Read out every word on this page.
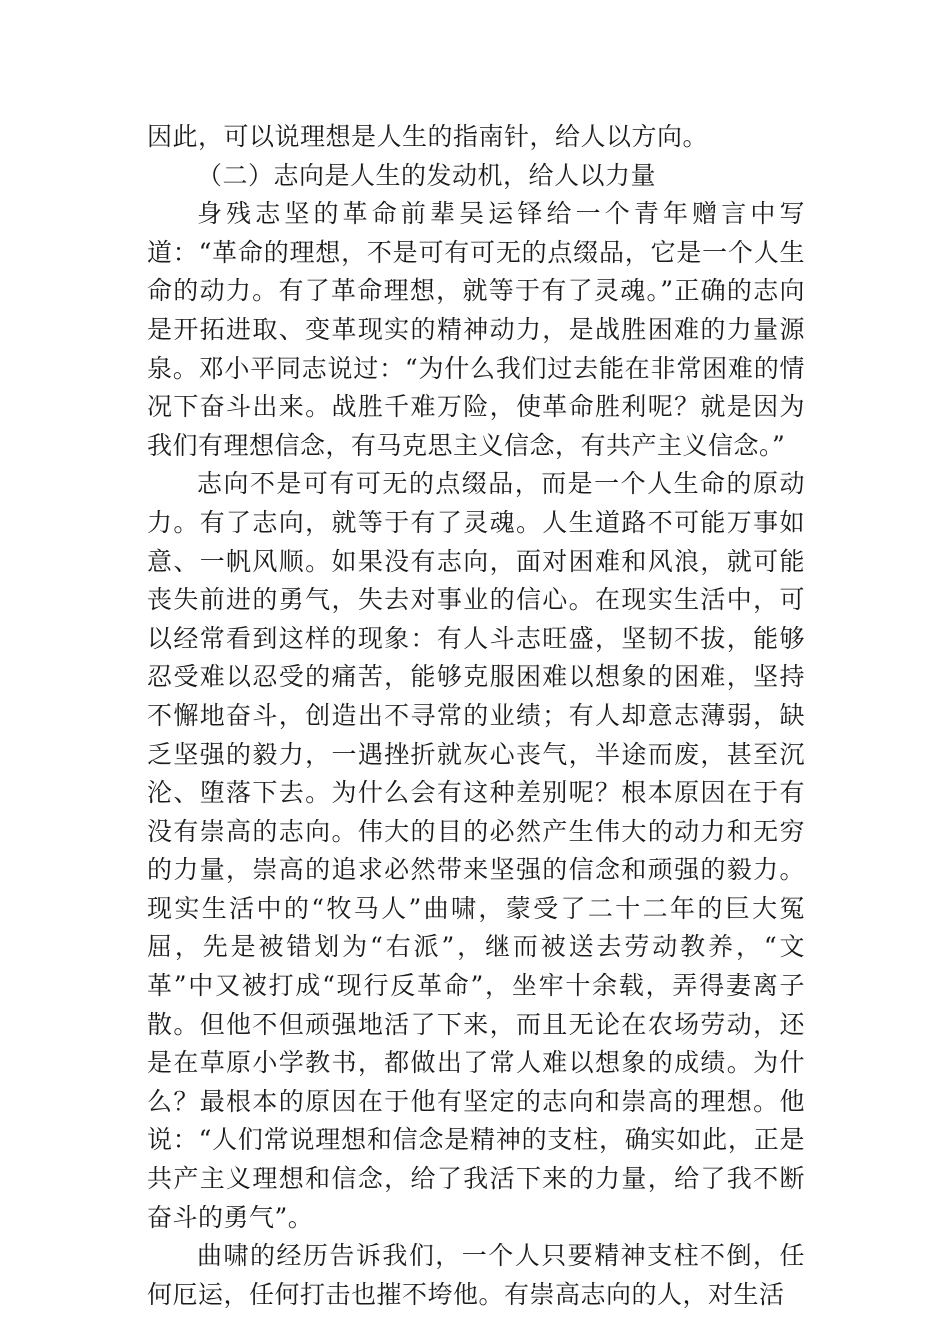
因此，可以说理想是人生的指南针，给人以方向。

（二）志向是人生的发动机，给人以力量

身残志坚的革命前辈吴运铎给一个青年赠言中写道：“革命的理想，不是可有可无的点缀品，它是一个人生命的动力。有了革命理想，就等于有了灵魂。”正确的志向是开拓进取、变革现实的精神动力，是战胜困难的力量源泉。邓小平同志说过：“为什么我们过去能在非常困难的情况下奋斗出来。战胜千难万险，使革命胜利呢？就是因为我们有理想信念，有马克思主义信念，有共产主义信念。”

志向不是可有可无的点缀品，而是一个人生命的原动力。有了志向，就等于有了灵魂。人生道路不可能万事如意、一帆风顺。如果没有志向，面对困难和风浪，就可能丧失前进的勇气，失去对事业的信心。在现实生活中，可以经常看到这样的现象：有人斗志旺盛，坚韧不拔，能够忍受难以忍受的痛苦，能够克服困难以想象的困难，坚持不懈地奋斗，创造出不寻常的业绩；有人却意志薄弱，缺乏坚强的毅力，一遇挫折就灰心丧气，半途而废，甚至沉沦、堕落下去。为什么会有这种差别呢？根本原因在于有没有崇高的志向。伟大的目的必然产生伟大的动力和无穷的力量，崇高的追求必然带来坚强的信念和顽强的毅力。现实生活中的“牧马人”曲啸，蒙受了二十二年的巨大冤屈，先是被错划为“右派”，继而被送去劳动教养，“文革”中又被打成“现行反革命”，坐牢十余载，弄得妻离子散。但他不但顽强地活了下来，而且无论在农场劳动，还是在草原小学教书，都做出了常人难以想象的成绩。为什么？最根本的原因在于他有坚定的志向和崇高的理想。他说：“人们常说理想和信念是精神的支柱，确实如此，正是共产主义理想和信念，给了我活下来的力量，给了我不断奋斗的勇气”。

曲啸的经历告诉我们，一个人只要精神支柱不倒，任何厄运，任何打击也摧不垮他。有崇高志向的人，对生活
